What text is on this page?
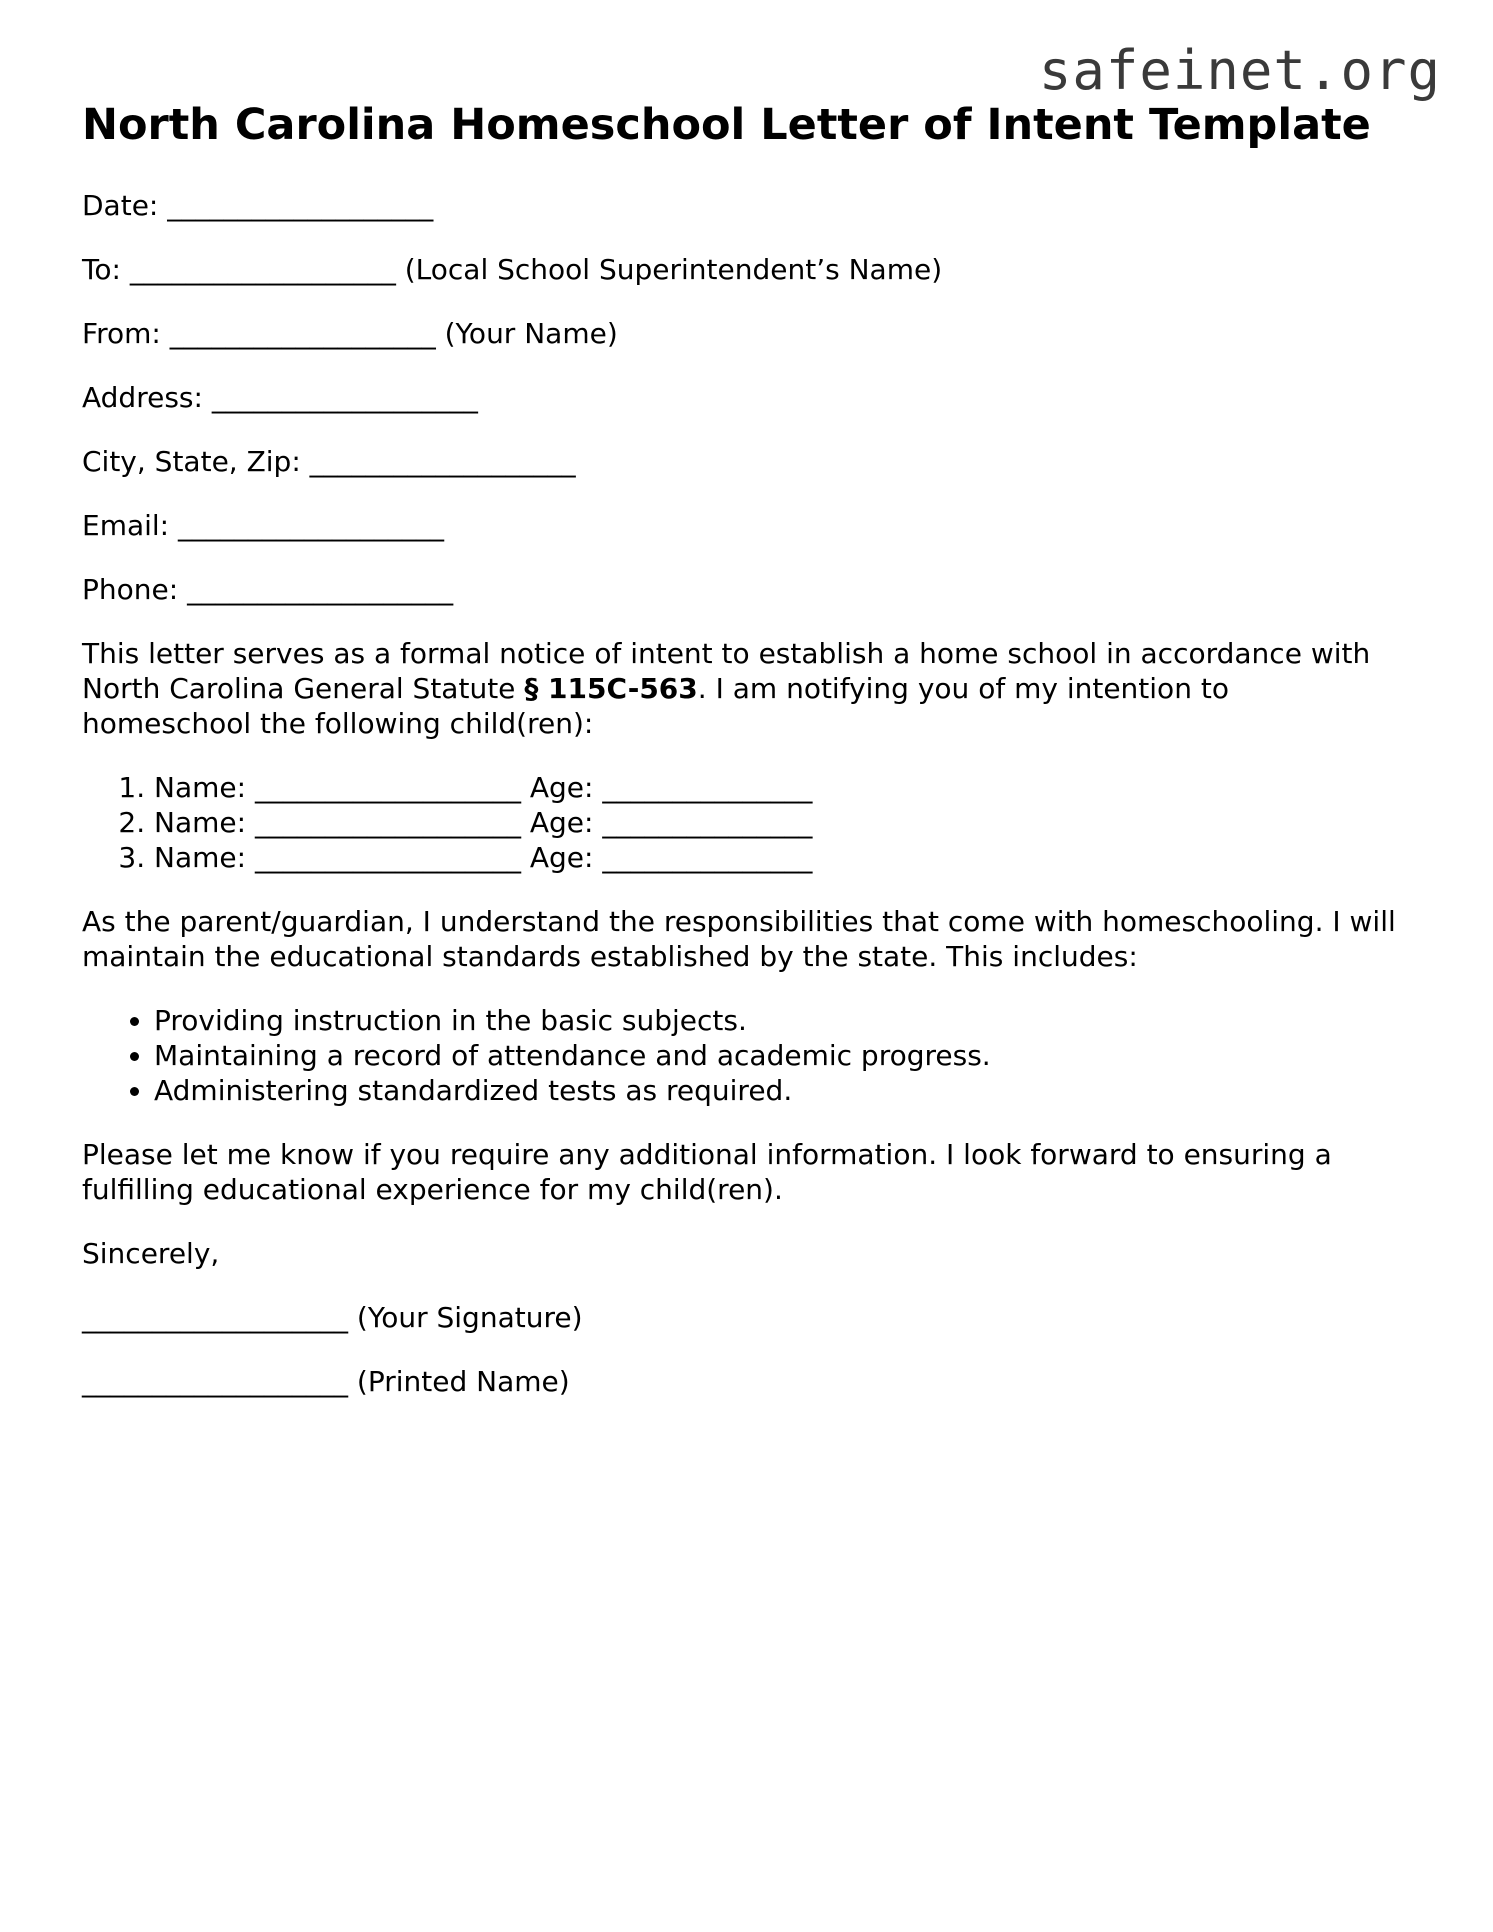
safeinet.org
North Carolina Homeschool Letter of Intent Template
Date: ___________________
To: ___________________ (Local School Superintendent’s Name)
From: ___________________ (Your Name)
Address: ___________________
City, State, Zip: ___________________
Email: ___________________
Phone: ___________________

This letter serves as a formal notice of intent to establish a home school in accordance with North Carolina General Statute § 115C-563. I am notifying you of my intention to homeschool the following child(ren):

1. Name: ___________________ Age: _______________
2. Name: ___________________ Age: _______________
3. Name: ___________________ Age: _______________

As the parent/guardian, I understand the responsibilities that come with homeschooling. I will maintain the educational standards established by the state. This includes:

• Providing instruction in the basic subjects.
• Maintaining a record of attendance and academic progress.
• Administering standardized tests as required.

Please let me know if you require any additional information. I look forward to ensuring a fulfilling educational experience for my child(ren).

Sincerely,

___________________ (Your Signature)
___________________ (Printed Name)
